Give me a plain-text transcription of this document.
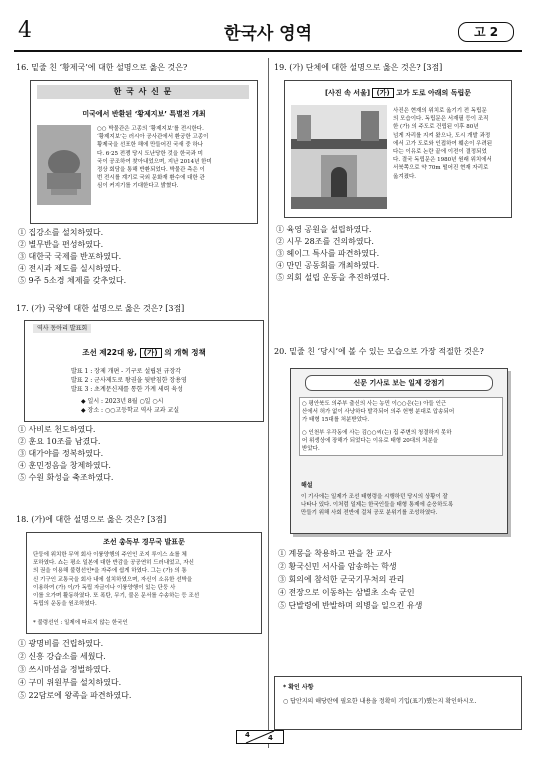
4	한국사 영역	고 2
16. 밑줄 친 ‘황제국’에 대한 설명으로 옳은 것은?
한 국 사 신 문
미국에서 반환된 ‘황제지보’ 특별전 개최
○○ 박물관은 고종의 ‘황제지보’를 전시한다.
‘황제지보’는 러시아 공사관에서 환궁한 고종이
황제국을 선포한 해에 만들어진 국새 중 하나
다. 6·25 전쟁 당시 도난당한 것을 한국과 미
국이 공조하여 찾아내었으며, 지난 2014년 한미
정상 회담을 통해 반환되었다. 박물관 측은 이
번 전시를 계기로 국외 문화재 환수에 대한 관
심이 커지기를 기대한다고 밝혔다.
① 집강소를 설치하였다.
② 별무반을 편성하였다.
③ 대한국 국제를 반포하였다.
④ 전시과 제도를 실시하였다.
⑤ 9주 5소경 체제를 갖추었다.
17. (가) 국왕에 대한 설명으로 옳은 것은? [3점]
역사 동아리 발표회
조선 제22대 왕, (가) 의 개혁 정책
발표 1 : 장제 개편 - 기구로 설립된 규장각
발표 2 : 군사제도로 왕권을 뒷받침한 장용영
발표 3 : 초계문신제를 통한 가계 세력 육성
◆ 일시 : 2023년 8월 ○일 ○시
◆ 장소 : ○○고등학교 역사 교과 교실
① 사비로 천도하였다.
② 훈요 10조를 남겼다.
③ 대가야를 정복하였다.
④ 훈민정음을 창제하였다.
⑤ 수원 화성을 축조하였다.
18. (가)에 대한 설명으로 옳은 것은? [3점]
조선 총독부 경무국 발표문
단둥에 위치한 무역 회사 이륭양행의 주인인 조지 루이스 쇼를 체
포하였다. 쇼는 평소 일본에 대한 반감을 공공연히 드러내었고, 자신
의 권을 이용해 불령선인*을 자주에 쉽게 하였다. 그는 (가) 의 통
신 기구인 교통국을 회사 내에 설치하였으며, 자신이 소유한 선박을
이용하여 (가) 이/가 독립 자금이나 이륭양행이 있는 단둥 사
이를 오가며 활동하였다. 또 폭탄, 무기, 불온 문서를 수송하는 등 조선
독립의 운동을 원조하였다.
* 불령선인 : 일제에 따르지 않는 한국인
① 광명비를 건립하였다.
② 신흥 강습소를 세웠다.
③ 쓰시마섬을 정벌하였다.
④ 구미 위원부를 설치하였다.
⑤ 22담로에 왕족을 파견하였다.
19. (가) 단체에 대한 설명으로 옳은 것은? [3점]
[사진 속 서울] (가) 고가 도로 아래의 독립문
사진은 현재의 위치로 옮기기 전 독립문
의 모습이다. 독립문은 서재필 등이 조직
한 (가) 의 주도로 건립된 이후 80년
넘게 자리를 지켜 왔으나, 도시 개발 과정
에서 고가 도로와 인접하여 훼손이 우려된
다는 이유로 논란 끝에 이전이 결정되었
다. 결국 독립문은 1980년 원래 위치에서
서북쪽으로 약 70m 떨어진 현재 자리로
옮겨졌다.
① 육영 공원을 설립하였다.
② 시무 28조를 건의하였다.
③ 헤이그 특사를 파견하였다.
④ 만민 공동회를 개최하였다.
⑤ 의회 설립 운동을 추진하였다.
20. 밑줄 친 ‘당시’에 볼 수 있는 모습으로 가장 적절한 것은?
신문 기사로 보는 일제 강점기
○ 평안북도 의주부 출신의 사는 농민 이○○은(는) 아들 인근
산에서 허가 없이 사냥하다 발각되어 의주 헌병 분대로 압송되어
가 태형 15대를 처분받았다.
○ 인천부 우각동에 사는 김○○씨(는) 집 주변의 청결하지 못하
어 위생상에 장해가 되었다는 이유로 태형 20대의 처분을
받았다.
해설
이 기사에는 일제가 조선 태형령을 시행하던 당시의 상황이 잘
나타나 있다. 이처럼 일제는 한국인들을 태형 통제에 순응하도록
만들기 위해 사회 전반에 걸쳐 공포 분위기를 조성하였다.
① 계몽을 착용하고 판을 찬 교사
② 황국신민 서사를 암송하는 학생
③ 회의에 참석한 군국기무처의 관리
④ 전장으로 이동하는 삼별초 소속 군인
⑤ 단발령에 반발하며 의병을 일으킨 유생
* 확인 사항
○ 답안지의 해당란에 필요한 내용을 정확히 기입(표기)했는지 확인하시오.
4	4
